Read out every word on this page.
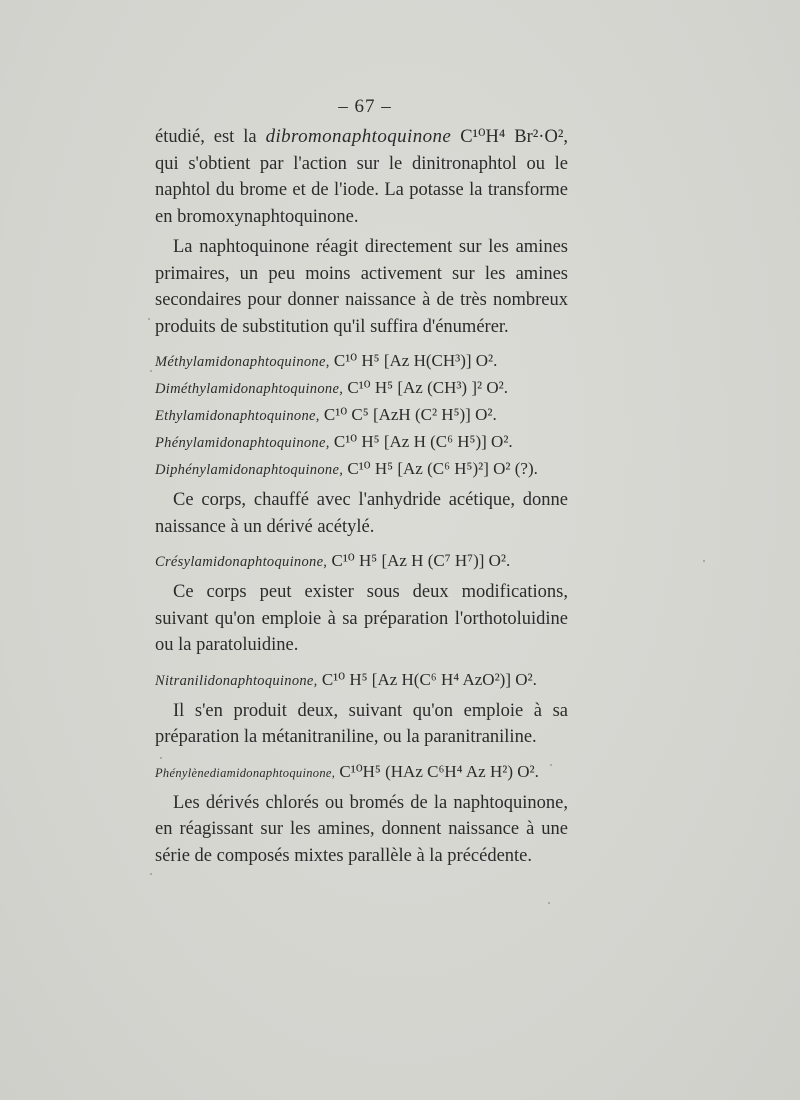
– 67 –

étudié, est la dibromonaphtoquinone C¹⁰H⁴ Br²·O², qui s'obtient par l'action sur le dinitronaphtol ou le naphtol du brome et de l'iode. La potasse la transforme en bromoxynaphtoquinone.

La naphtoquinone réagit directement sur les amines primaires, un peu moins activement sur les amines secondaires pour donner naissance à de très nombreux produits de substitution qu'il suffira d'énumérer.

Méthylamidonaphtoquinone, C¹⁰ H⁵ [Az H(CH³)] O².
Diméthylamidonaphtoquinone, C¹⁰ H⁵ [Az (CH³) ]² O².
Ethylamidonaphtoquinone, C¹⁰ C⁵ [AzH (C² H⁵)] O².
Phénylamidonaphtoquinone, C¹⁰ H⁵ [Az H (C⁶ H⁵)] O².
Diphénylamidonaphtoquinone, C¹⁰ H⁵ [Az (C⁶ H⁵)²] O² (?).

Ce corps, chauffé avec l'anhydride acétique, donne naissance à un dérivé acétylé.

Crésylamidonaphtoquinone, C¹⁰ H⁵ [Az H (C⁷ H⁷)] O².

Ce corps peut exister sous deux modifications, suivant qu'on emploie à sa préparation l'orthotoluidine ou la paratoluidine.

Nitranilidonaphtoquinone, C¹⁰ H⁵ [Az H(C⁶ H⁴ AzO²)] O².

Il s'en produit deux, suivant qu'on emploie à sa préparation la métanitraniline, ou la paranitraniline.

Phénylènediamidonaphtoquinone, C¹⁰H⁵ (HAz C⁶H⁴ Az H²) O².

Les dérivés chlorés ou bromés de la naphtoquinone, en réagissant sur les amines, donnent naissance à une série de composés mixtes parallèle à la précédente.
